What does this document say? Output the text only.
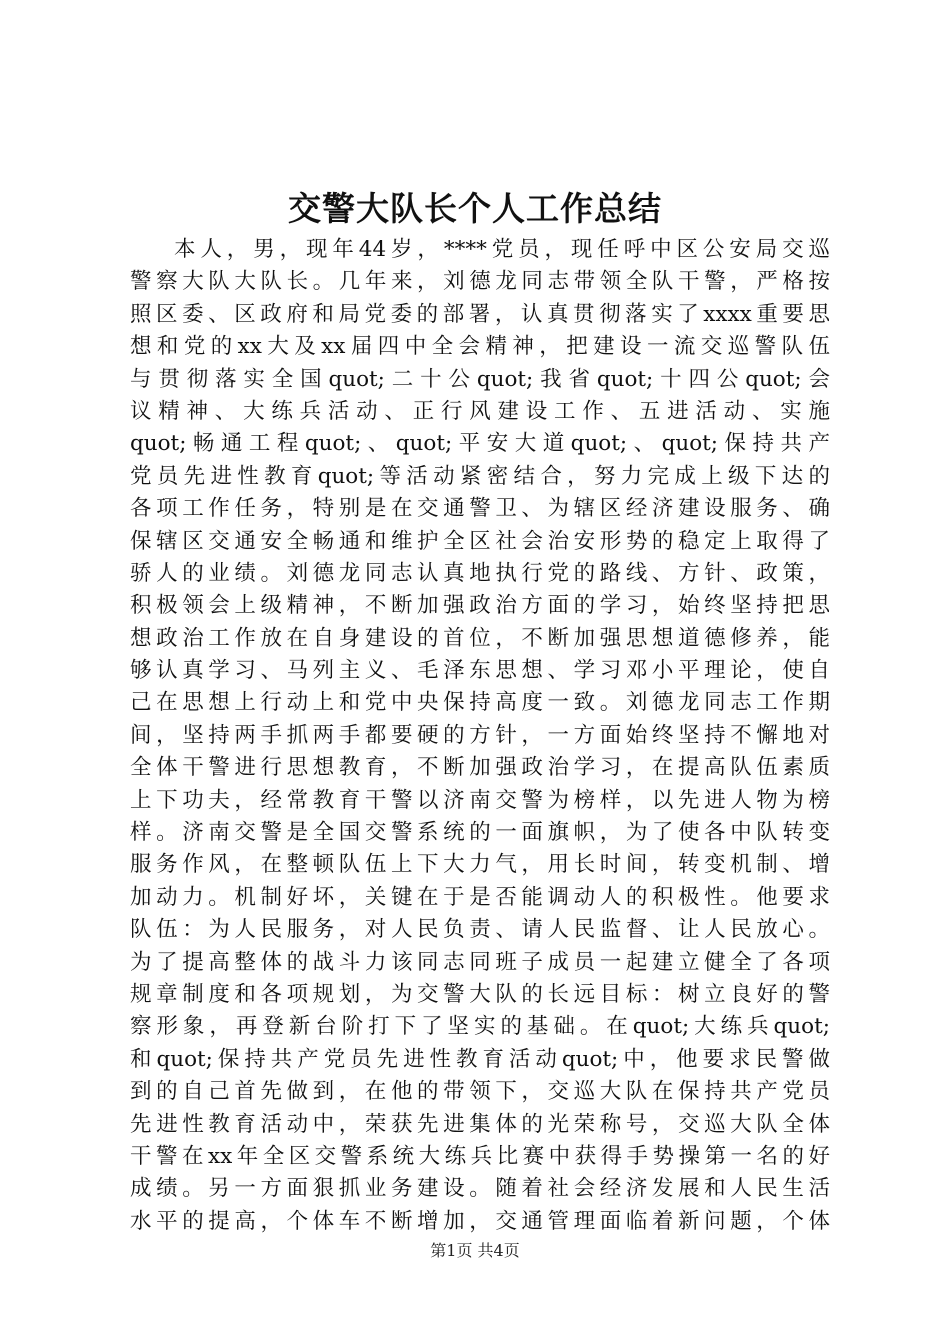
交警大队长个人工作总结
本人，男，现年44岁，****党员，现任呼中区公安局交巡
警察大队大队长。几年来，刘德龙同志带领全队干警，严格按
照区委、区政府和局党委的部署，认真贯彻落实了xxxx重要思
想和党的xx大及xx届四中全会精神，把建设一流交巡警队伍
与贯彻落实全国quot;二十公quot;我省quot;十四公quot;会
议精神、大练兵活动、正行风建设工作、五进活动、实施
quot;畅通工程quot;、quot;平安大道quot;、quot;保持共产
党员先进性教育quot;等活动紧密结合，努力完成上级下达的
各项工作任务，特别是在交通警卫、为辖区经济建设服务、确
保辖区交通安全畅通和维护全区社会治安形势的稳定上取得了
骄人的业绩。刘德龙同志认真地执行党的路线、方针、政策，
积极领会上级精神，不断加强政治方面的学习，始终坚持把思
想政治工作放在自身建设的首位，不断加强思想道德修养，能
够认真学习、马列主义、毛泽东思想、学习邓小平理论，使自
己在思想上行动上和党中央保持高度一致。刘德龙同志工作期
间，坚持两手抓两手都要硬的方针，一方面始终坚持不懈地对
全体干警进行思想教育，不断加强政治学习，在提高队伍素质
上下功夫，经常教育干警以济南交警为榜样，以先进人物为榜
样。济南交警是全国交警系统的一面旗帜，为了使各中队转变
服务作风，在整顿队伍上下大力气，用长时间，转变机制、增
加动力。机制好坏，关键在于是否能调动人的积极性。他要求
队伍：为人民服务，对人民负责、请人民监督、让人民放心。
为了提高整体的战斗力该同志同班子成员一起建立健全了各项
规章制度和各项规划，为交警大队的长远目标：树立良好的警
察形象，再登新台阶打下了坚实的基础。在quot;大练兵quot;
和quot;保持共产党员先进性教育活动quot;中，他要求民警做
到的自己首先做到，在他的带领下，交巡大队在保持共产党员
先进性教育活动中，荣获先进集体的光荣称号，交巡大队全体
干警在xx年全区交警系统大练兵比赛中获得手势操第一名的好
成绩。另一方面狠抓业务建设。随着社会经济发展和人民生活
水平的提高，个体车不断增加，交通管理面临着新问题，个体
第1页 共4页
